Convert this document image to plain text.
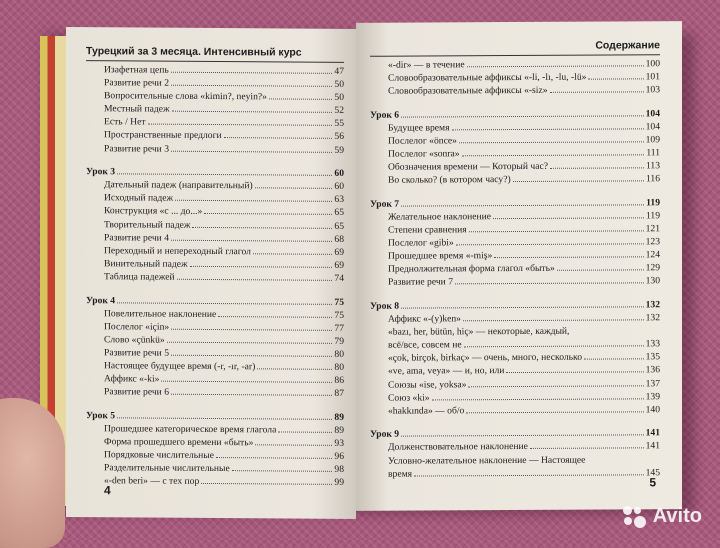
Турецкий за 3 месяца. Интенсивный курс
Изафетная цепь	47
Развитие речи 2	50
Вопросительные слова «kimin?, neyin?»	50
Местный падеж	52
Есть / Нет	55
Пространственные предлоги	56
Развитие речи 3	59
Урок 3	60
Дательный падеж (направительный)	60
Исходный падеж	63
Конструкция «с ... до...»	65
Творительный падеж	65
Развитие речи 4	68
Переходный и непереходный глагол	69
Винительный падеж	69
Таблица падежей	74
Урок 4	75
Повелительное наклонение	75
Послелог «için»	77
Слово «çünkü»	79
Развитие речи 5	80
Настоящее будущее время (-r, -ır, -ar)	80
Аффикс «-ki»	86
Развитие речи 6	87
Урок 5	89
Прошедшее категорическое время глагола	89
Форма прошедшего времени «быть»	93
Порядковые числительные	96
Разделительные числительные	98
«-den beri» — с тех пор	99
4
Содержание
«-dir» — в течение	100
Словообразовательные аффиксы «-li, -lı, -lu, -lü»	101
Словообразовательные аффиксы «-siz»	103
Урок 6	104
Будущее время	104
Послелог «önce»	109
Послелог «sonra»	111
Обозначения времени — Который час?	113
Во сколько? (в котором часу?)	116
Урок 7	119
Желательное наклонение	119
Степени сравнения	121
Послелог «gibi»	123
Прошедшее время «-miş»	124
Преднолжительная форма глагол «быть»	129
Развитие речи 7	130
Урок 8	132
Аффикс «-(y)ken»	132
«bazı, her, bütün, hiç» — некоторые, каждый,
всё/все, совсем не	133
«çok, birçok, birkaç» — очень, много, несколько	135
«ve, ama, veya» — и, но, или	136
Союзы «ise, yoksa»	137
Союз «ki»	139
«hakkında» — об/о	140
Урок 9	141
Долженствовательное наклонение	141
Условно-желательное наклонение — Настоящее
время	145
5
Avito
